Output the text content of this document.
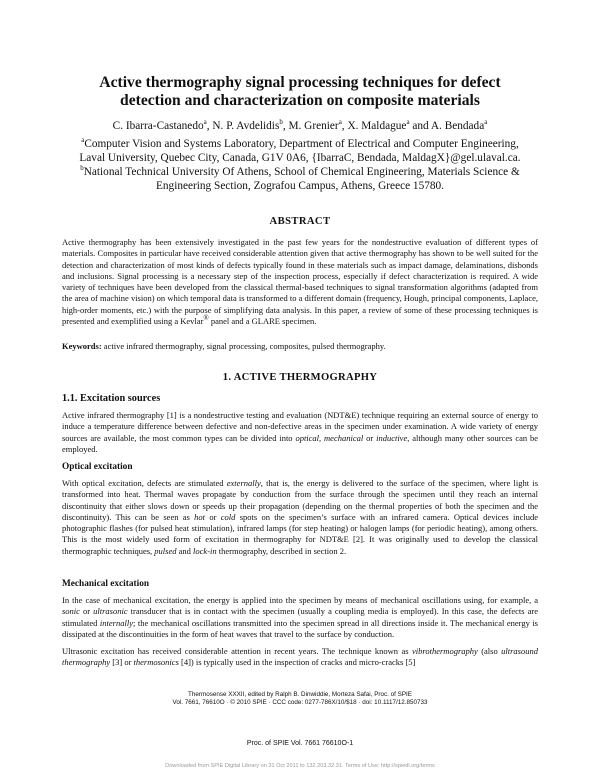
Active thermography signal processing techniques for defect
detection and characterization on composite materials
C. Ibarra-Castanedo$^a$, N. P. Avdelidis$^b$, M. Grenier$^a$, X. Maldague$^a$ and A. Bendada$^a$
$^a$Computer Vision and Systems Laboratory, Department of Electrical and Computer Engineering,
Laval University, Quebec City, Canada, G1V 0A6, {IbarraC, Bendada, MaldagX}@gel.ulaval.ca.
$^b$National Technical University Of Athens, School of Chemical Engineering, Materials Science &
Engineering Section, Zografou Campus, Athens, Greece 15780.
ABSTRACT
Active thermography has been extensively investigated in the past few years for the nondestructive evaluation of different types of materials. Composites in particular have received considerable attention given that active thermography has shown to be well suited for the detection and characterization of most kinds of defects typically found in these materials such as impact damage, delaminations, disbonds and inclusions. Signal processing is a necessary step of the inspection process, especially if defect characterization is required. A wide variety of techniques have been developed from the classical thermal-based techniques to signal transformation algorithms (adapted from the area of machine vision) on which temporal data is transformed to a different domain (frequency, Hough, principal components, Laplace, high-order moments, etc.) with the purpose of simplifying data analysis. In this paper, a review of some of these processing techniques is presented and exemplified using a Kevlar® panel and a GLARE specimen.
Keywords: active infrared thermography, signal processing, composites, pulsed thermography.
1. ACTIVE THERMOGRAPHY
1.1. Excitation sources
Active infrared thermography [1] is a nondestructive testing and evaluation (NDT&E) technique requiring an external source of energy to induce a temperature difference between defective and non-defective areas in the specimen under examination. A wide variety of energy sources are available, the most common types can be divided into optical, mechanical or inductive, although many other sources can be employed.
Optical excitation
With optical excitation, defects are stimulated externally, that is, the energy is delivered to the surface of the specimen, where light is transformed into heat. Thermal waves propagate by conduction from the surface through the specimen until they reach an internal discontinuity that either slows down or speeds up their propagation (depending on the thermal properties of both the specimen and the discontinuity). This can be seen as hot or cold spots on the specimen’s surface with an infrared camera. Optical devices include photographic flashes (for pulsed heat stimulation), infrared lamps (for step heating) or halogen lamps (for periodic heating), among others. This is the most widely used form of excitation in thermography for NDT&E [2]. It was originally used to develop the classical thermographic techniques, pulsed and lock-in thermography, described in section 2.
Mechanical excitation
In the case of mechanical excitation, the energy is applied into the specimen by means of mechanical oscillations using, for example, a sonic or ultrasonic transducer that is in contact with the specimen (usually a coupling media is employed). In this case, the defects are stimulated internally; the mechanical oscillations transmitted into the specimen spread in all directions inside it. The mechanical energy is dissipated at the discontinuities in the form of heat waves that travel to the surface by conduction.
Ultrasonic excitation has received considerable attention in recent years. The technique known as vibrothermography (also ultrasound thermography [3] or thermosonics [4]) is typically used in the inspection of cracks and micro-cracks [5]
Thermosense XXXII, edited by Ralph B. Dinwiddie, Morteza Safai, Proc. of SPIE
Vol. 7661, 76610O · © 2010 SPIE · CCC code: 0277-786X/10/$18 · doi: 10.1117/12.850733
Proc. of SPIE Vol. 7661 76610O-1
Downloaded from SPIE Digital Library on 31 Oct 2011 to 132.203.32.31. Terms of Use: http://spiedl.org/terms
